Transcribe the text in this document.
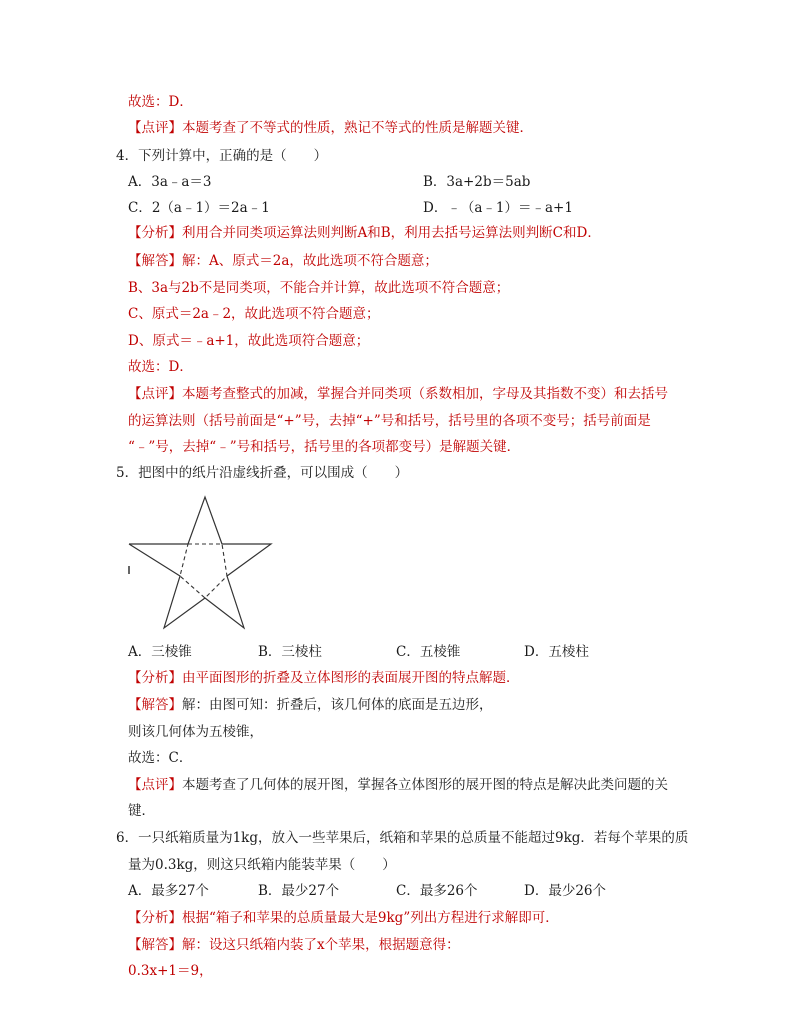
故选：D．
【点评】本题考查了不等式的性质，熟记不等式的性质是解题关键．
4．下列计算中，正确的是（　　）
A．3a﹣a＝3	B．3a+2b＝5ab
C．2（a﹣1）＝2a﹣1	D．﹣（a﹣1）＝﹣a+1
【分析】利用合并同类项运算法则判断A和B，利用去括号运算法则判断C和D．
【解答】解：A、原式＝2a，故此选项不符合题意；
B、3a与2b不是同类项，不能合并计算，故此选项不符合题意；
C、原式＝2a﹣2，故此选项不符合题意；
D、原式＝﹣a+1，故此选项符合题意；
故选：D．
【点评】本题考查整式的加减，掌握合并同类项（系数相加，字母及其指数不变）和去括号
的运算法则（括号前面是“+”号，去掉“+”号和括号，括号里的各项不变号；括号前面是
“﹣”号，去掉“﹣”号和括号，括号里的各项都变号）是解题关键．
5．把图中的纸片沿虚线折叠，可以围成（　　）
A．三棱锥	B．三棱柱	C．五棱锥	D．五棱柱
【分析】由平面图形的折叠及立体图形的表面展开图的特点解题．
【解答】解：由图可知：折叠后，该几何体的底面是五边形，
则该几何体为五棱锥，
故选：C．
【点评】本题考查了几何体的展开图，掌握各立体图形的展开图的特点是解决此类问题的关
键．
6．一只纸箱质量为1kg，放入一些苹果后，纸箱和苹果的总质量不能超过9kg．若每个苹果的质
量为0.3kg，则这只纸箱内能装苹果（　　）
A．最多27个	B．最少27个	C．最多26个	D．最少26个
【分析】根据“箱子和苹果的总质量最大是9kg”列出方程进行求解即可．
【解答】解：设这只纸箱内装了x个苹果，根据题意得：
0.3x+1＝9，
